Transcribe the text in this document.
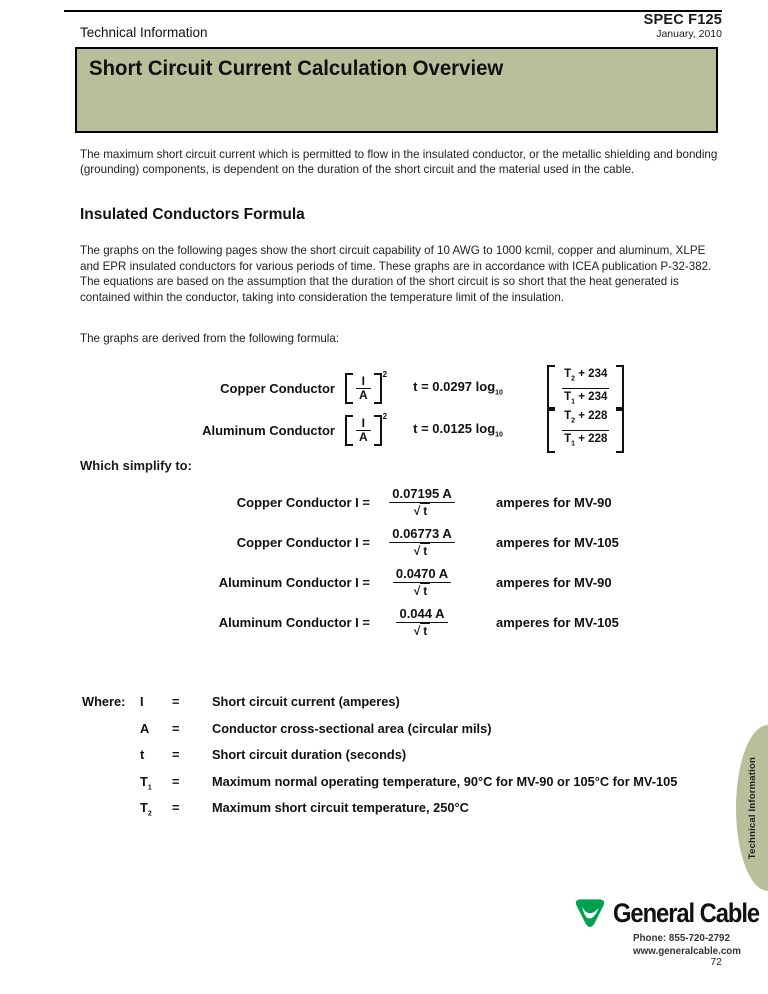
Technical Information
SPEC F125
January, 2010
Short Circuit Current Calculation Overview
The maximum short circuit current which is permitted to flow in the insulated conductor, or the metallic shielding and bonding (grounding) components, is dependent on the duration of the short circuit and the material used in the cable.
Insulated Conductors Formula
The graphs on the following pages show the short circuit capability of 10 AWG to 1000 kcmil, copper and aluminum, XLPE and EPR insulated conductors for various periods of time. These graphs are in accordance with ICEA publication P-32-382. The equations are based on the assumption that the duration of the short circuit is so short that the heat generated is contained within the conductor, taking into consideration the temperature limit of the insulation.
The graphs are derived from the following formula:
Copper Conductor $\frac{I}{A} 2$
t = 0.0297 $\log_{10}$	$\frac{T_2 + 234}{T_1 + 234}$
Aluminum Conductor $\frac{I}{A} 2$
t = 0.0125 $\log_{10}$	$\frac{T_2 + 228}{T_1 + 228}$
Which simplify to:
Copper Conductor $I = \frac{0.07195 A}{√ t}$	amperes for MV-90
Copper Conductor $I = \frac{0.06773 A}{√ t}$	amperes for MV-105
Aluminum Conductor $I = \frac{0.0470 A}{√ t}$	amperes for MV-90
Aluminum Conductor $I = \frac{0.044 A}{√ t}$	amperes for MV-105
Where:	I	=	Short circuit current (amperes)
A	=	Conductor cross-sectional area (circular mils)
t	=	Short circuit duration (seconds)
$T_1$	=	Maximum normal operating temperature, 90°C for MV-90 or 105°C for MV-105
$T_2$	=	Maximum short circuit temperature, 250°C	Technical Information
General Cable
Phone: 855-720-2792
www.generalcable.com
72
